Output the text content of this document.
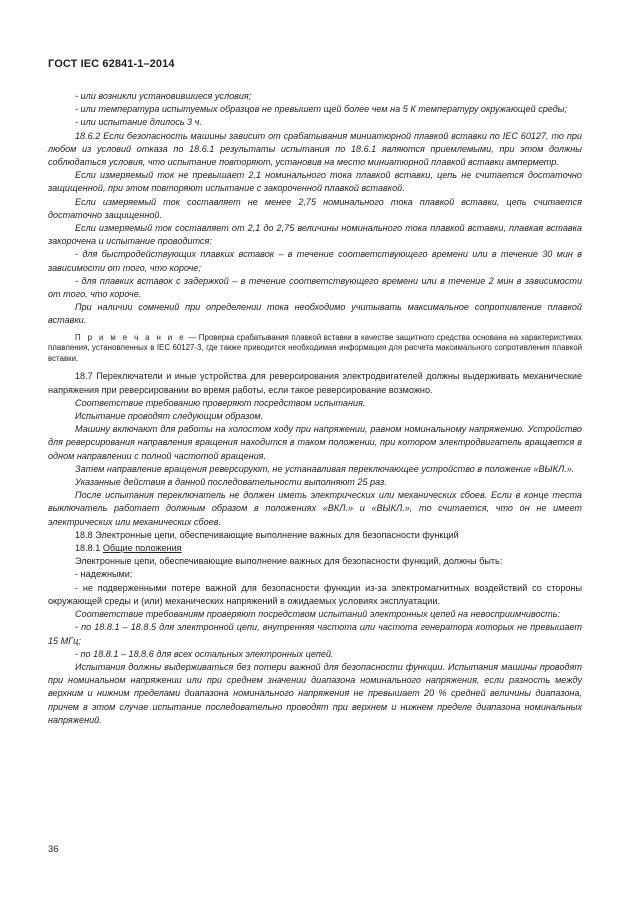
ГОСТ IEC 62841-1–2014

- или возникли установившиеся условия;

- или температура испытуемых образцов не превышет щей более чем на 5 К температуру окружающей среды;

- или испытание длилось 3 ч.

18.6.2 Если безопасность машины зависит от срабатывания миниатюрной плавкой вставки по IEC 60127, то при любом из условий отказа по 18.6.1 результаты испытания по 18.6.1 являются приемлемыми, при этом должны соблюдаться условия, что испытание повторяют, установив на место миниатюрной плавкой вставки амперметр.

Если измеряемый ток не превышает 2,1 номинального тока плавкой вставки, цепь не считается достаточно защищенной, при этом повторяют испытание с закороченной плавкой вставкой.

Если измеряемый ток составляет не менее 2,75 номинального тока плавкой вставки, цепь считается достаточно защищенной.

Если измеряемый ток составляет от 2,1 до 2,75 величины номинального тока плавкой вставки, плавкая вставка закорочена и испытание проводится:

- для быстродействующих плавких вставок – в течение соответствующего времени или в течение 30 мин в зависимости от того, что короче;

- для плавких вставок с задержкой – в течение соответствующего времени или в течение 2 мин в зависимости от того, что короче.

При наличии сомнений при определении тока необходимо учитывать максимальное сопротивление плавкой вставки.

П р и м е ч а н и е — Проверка срабатывания плавкой вставки в качестве защитного средства основана на характеристиках плавления, установленных в IEC 60127-3, где также приводится необходимая информация для расчета максимального сопротивления плавкой вставки.

18.7 Переключатели и иные устройства для реверсирования электродвигателей должны выдерживать механические напряжения при реверсировании во время работы, если такое реверсирование возможно.

Соответствие требованию проверяют посредством испытания.

Испытание проводят следующим образом.

Машину включают для работы на холостом ходу при напряжении, равном номинальному напряжению. Устройство для реверсирования направления вращения находится в таком положении, при котором электродвигатель вращается в одном направлении с полной частотой вращения.

Затем направление вращения реверсируют, не устанавливая переключающее устройство в положение «ВЫКЛ.».

Указанные действия в данной последовательности выполняют 25 раз.

После испытания переключатель не должен иметь электрических или механических сбоев. Если в конце теста выключатель работает должным образом в положениях «ВКЛ.» и «ВЫКЛ.», то считается, что он не имеет электрических или механических сбоев.

18.8 Электронные цепи, обеспечивающие выполнение важных для безопасности функций

18.8.1 Общие положения

Электронные цепи, обеспечивающие выполнение важных для безопасности функций, должны быть:

- надежными;

- не подверженными потере важной для безопасности функции из-за электромагнитных воздействий со стороны окружающей среды и (или) механических напряжений в ожидаемых условиях эксплуатации.

Соответствие требованиям проверяют посредством испытаний электронных цепей на невосприимчивость:

- по 18.8.1 – 18.8.5 для электронной цепи, внутренняя частота или частота генератора которых не превышает 15 МГц;

- по 18.8.1 – 18.8.6 для всех остальных электронных цепей.

Испытания должны выдерживаться без потери важной для безопасности функции. Испытания машины проводят при номинальном напряжении или при среднем значении диапазона номинального напряжения, если разность между верхним и нижним пределами диапазона номинального напряжения не превышает 20 % средней величины диапазона, причем в этом случае испытание последовательно проводят при верхнем и нижнем пределе диапазона номинальных напряжений.

36
